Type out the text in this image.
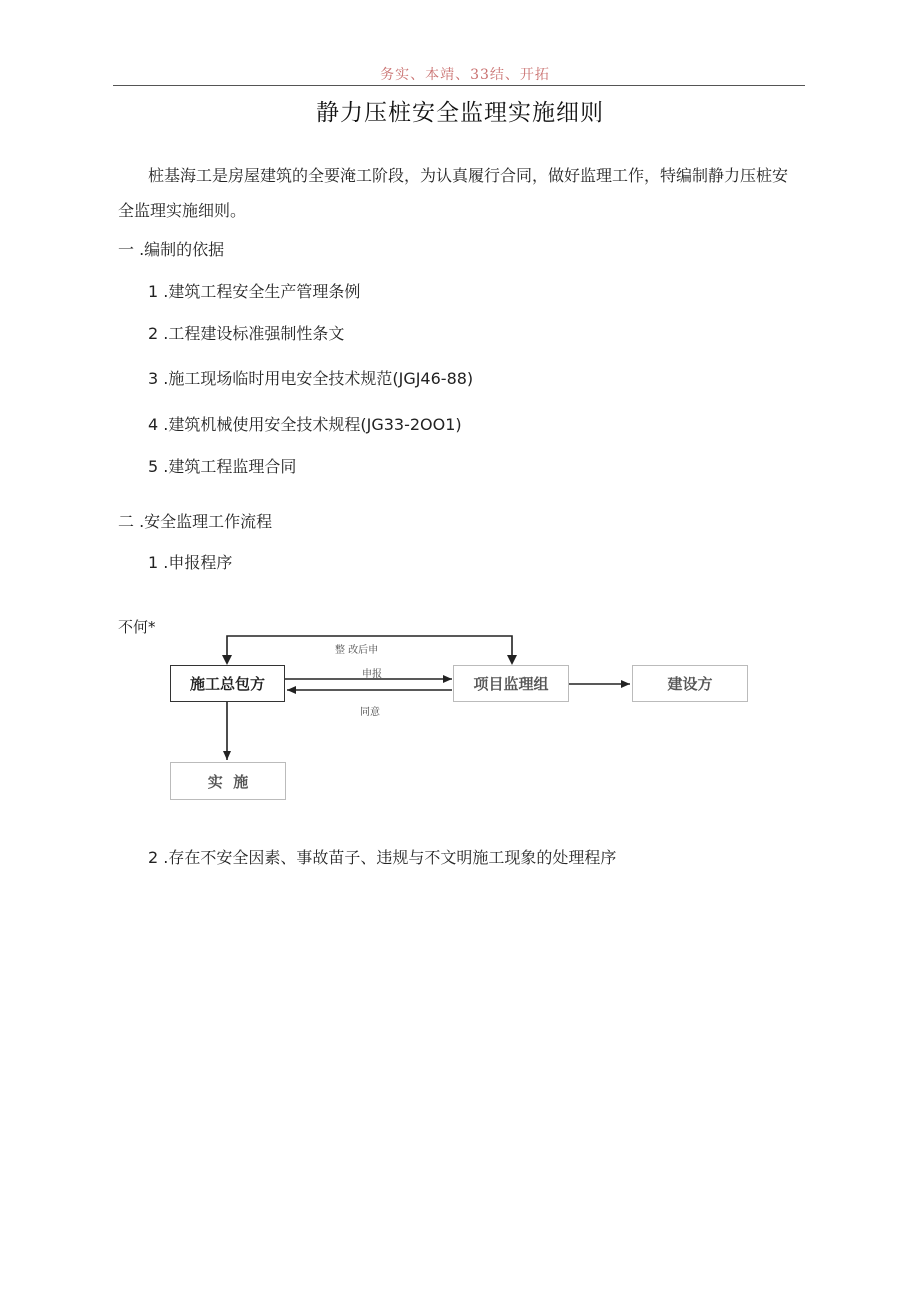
务实、本靖、33结、开拓
静力压桩安全监理实施细则
桩基海工是房屋建筑的全要淹工阶段，为认真履行合同，做好监理工作，特编制静力压桩安全监理实施细则。
一 .编制的依据
1 .建筑工程安全生产管理条例
2 .工程建设标准强制性条文
3 .施工现场临时用电安全技术规范(JGJ46-88)
4 .建筑机械使用安全技术规程(JG33-2OO1)
5 .建筑工程监理合同
二 .安全监理工作流程
1 .申报程序
不何*
整 改后申
申报
同意
施工总包方	项目监理组	建设方
实  施
2 .存在不安全因素、事故苗子、违规与不文明施工现象的处理程序
